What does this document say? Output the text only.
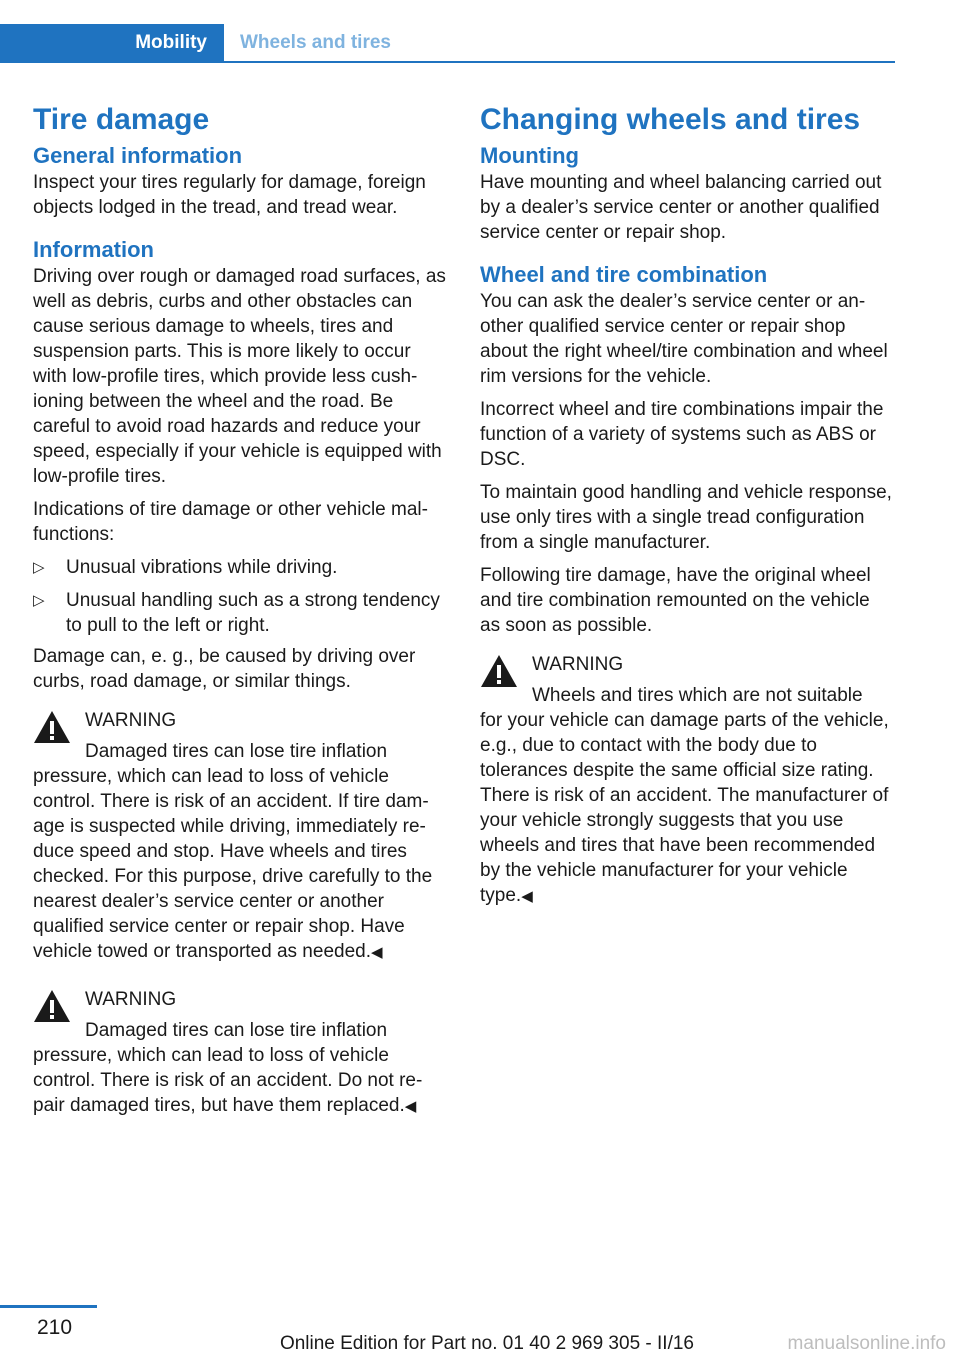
Mobility	Wheels and tires
Tire damage
General information

Inspect your tires regularly for damage, foreign objects lodged in the tread, and tread wear.

Information

Driving over rough or damaged road surfaces, as well as debris, curbs and other obstacles can cause serious damage to wheels, tires and suspension parts. This is more likely to occur with low-profile tires, which provide less cushioning between the wheel and the road. Be careful to avoid road hazards and reduce your speed, especially if your vehicle is equipped with low-profile tires.

Indications of tire damage or other vehicle malfunctions:

▷	Unusual vibrations while driving.
▷	Unusual handling such as a strong tendency to pull to the left or right.

Damage can, e. g., be caused by driving over curbs, road damage, or similar things.

WARNING
Damaged tires can lose tire inflation
pressure, which can lead to loss of vehicle control. There is risk of an accident. If tire damage is suspected while driving, immediately reduce speed and stop. Have wheels and tires checked. For this purpose, drive carefully to the nearest dealer’s service center or another qualified service center or repair shop. Have vehicle towed or transported as needed.◀
WARNING
Damaged tires can lose tire inflation
pressure, which can lead to loss of vehicle control. There is risk of an accident. Do not repair damaged tires, but have them replaced.◀
Changing wheels and tires
Mounting

Have mounting and wheel balancing carried out by a dealer’s service center or another qualified service center or repair shop.

Wheel and tire combination

You can ask the dealer’s service center or another qualified service center or repair shop about the right wheel/tire combination and wheel rim versions for the vehicle.

Incorrect wheel and tire combinations impair the function of a variety of systems such as ABS or DSC.

To maintain good handling and vehicle response, use only tires with a single tread configuration from a single manufacturer.

Following tire damage, have the original wheel and tire combination remounted on the vehicle as soon as possible.

WARNING
Wheels and tires which are not suitable
for your vehicle can damage parts of the vehicle, e.g., due to contact with the body due to tolerances despite the same official size rating. There is risk of an accident. The manufacturer of your vehicle strongly suggests that you use wheels and tires that have been recommended by the vehicle manufacturer for your vehicle type.◀
210
Online Edition for Part no. 01 40 2 969 305 - II/16	manualsonline.info
